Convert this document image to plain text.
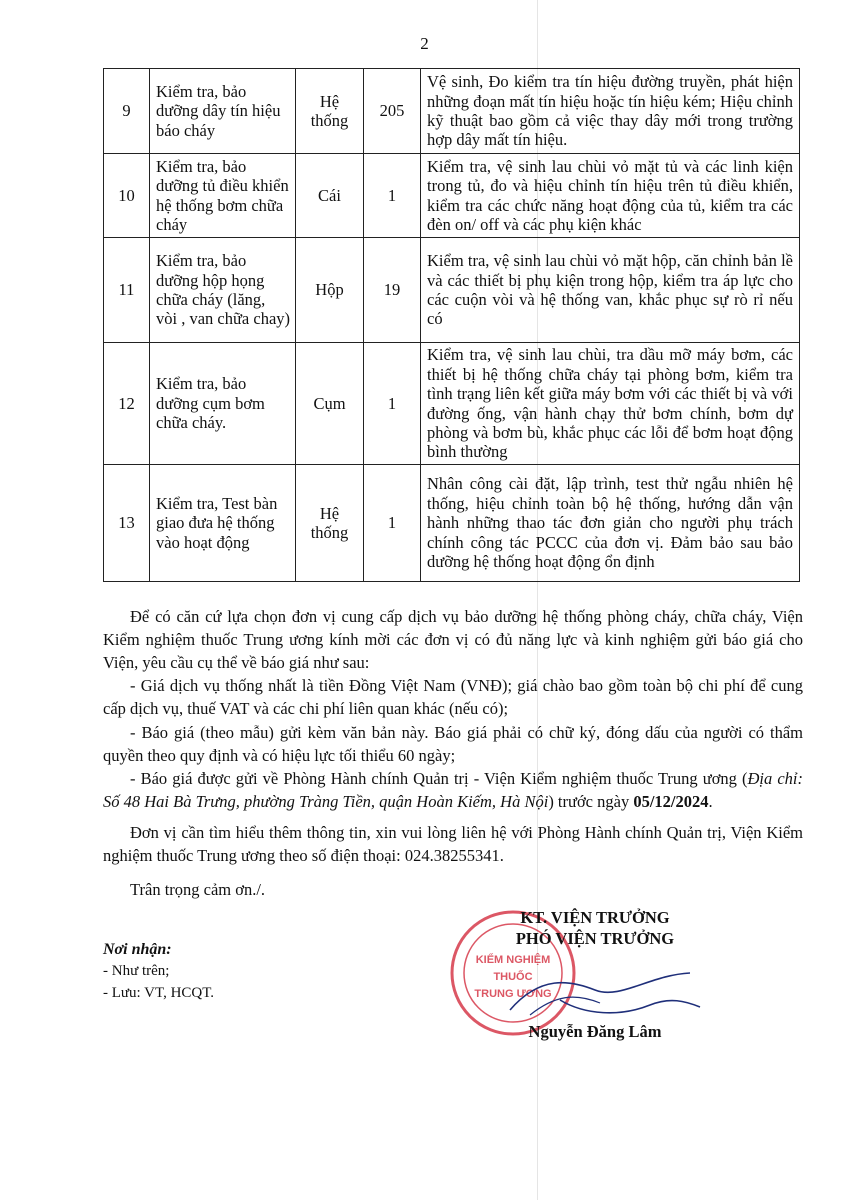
2
9	Kiểm tra, bảo dưỡng dây tín hiệu báo cháy	Hệ thống	205	Vệ sinh, Đo kiểm tra tín hiệu đường truyền, phát hiện những đoạn mất tín hiệu hoặc tín hiệu kém; Hiệu chỉnh kỹ thuật bao gồm cả việc thay dây mới trong trường hợp dây mất tín hiệu.
10	Kiểm tra, bảo dưỡng tủ điều khiển hệ thống bơm chữa cháy	Cái	1	Kiểm tra, vệ sinh lau chùi vỏ mặt tủ và các linh kiện trong tủ, đo và hiệu chỉnh tín hiệu trên tủ điều khiển, kiểm tra các chức năng hoạt động của tủ, kiểm tra các đèn on/ off và các phụ kiện khác
11	Kiểm tra, bảo dưỡng hộp họng chữa cháy (lăng, vòi , van chữa chay)	Hộp	19	Kiểm tra, vệ sinh lau chùi vỏ mặt hộp, căn chỉnh bản lề và các thiết bị phụ kiện trong hộp, kiểm tra áp lực cho các cuộn vòi và hệ thống van, khắc phục sự rò rỉ nếu có
12	Kiểm tra, bảo dưỡng cụm bơm chữa cháy.	Cụm	1	Kiểm tra, vệ sinh lau chùi, tra dầu mỡ máy bơm, các thiết bị hệ thống chữa cháy tại phòng bơm, kiểm tra tình trạng liên kết giữa máy bơm với các thiết bị và với đường ống, vận hành chạy thử bơm chính, bơm dự phòng và bơm bù, khắc phục các lỗi để bơm hoạt động bình thường
13	Kiểm tra, Test bàn giao đưa hệ thống vào hoạt động	Hệ thống	1	Nhân công cài đặt, lập trình, test thử ngẫu nhiên hệ thống, hiệu chỉnh toàn bộ hệ thống, hướng dẫn vận hành những thao tác đơn giản cho người phụ trách chính công tác PCCC của đơn vị. Đảm bảo sau bảo dưỡng hệ thống hoạt động ổn định

Để có căn cứ lựa chọn đơn vị cung cấp dịch vụ bảo dưỡng hệ thống phòng cháy, chữa cháy, Viện Kiểm nghiệm thuốc Trung ương kính mời các đơn vị có đủ năng lực và kinh nghiệm gửi báo giá cho Viện, yêu cầu cụ thể về báo giá như sau:

- Giá dịch vụ thống nhất là tiền Đồng Việt Nam (VNĐ); giá chào bao gồm toàn bộ chi phí để cung cấp dịch vụ, thuế VAT và các chi phí liên quan khác (nếu có);

- Báo giá (theo mẫu) gửi kèm văn bản này. Báo giá phải có chữ ký, đóng dấu của người có thẩm quyền theo quy định và có hiệu lực tối thiểu 60 ngày;

- Báo giá được gửi về Phòng Hành chính Quản trị - Viện Kiểm nghiệm thuốc Trung ương (Địa chỉ: Số 48 Hai Bà Trưng, phường Tràng Tiền, quận Hoàn Kiếm, Hà Nội) trước ngày 05/12/2024.

Đơn vị cần tìm hiểu thêm thông tin, xin vui lòng liên hệ với Phòng Hành chính Quản trị, Viện Kiểm nghiệm thuốc Trung ương theo số điện thoại: 024.38255341.

Trân trọng cảm ơn./.

Nơi nhận:
- Như trên;
- Lưu: VT, HCQT.
KIỂM NGHIỆM
THUỐC
TRUNG ƯƠNG
KT. VIỆN TRƯỞNG
PHÓ VIỆN TRƯỞNG
Nguyễn Đăng Lâm
